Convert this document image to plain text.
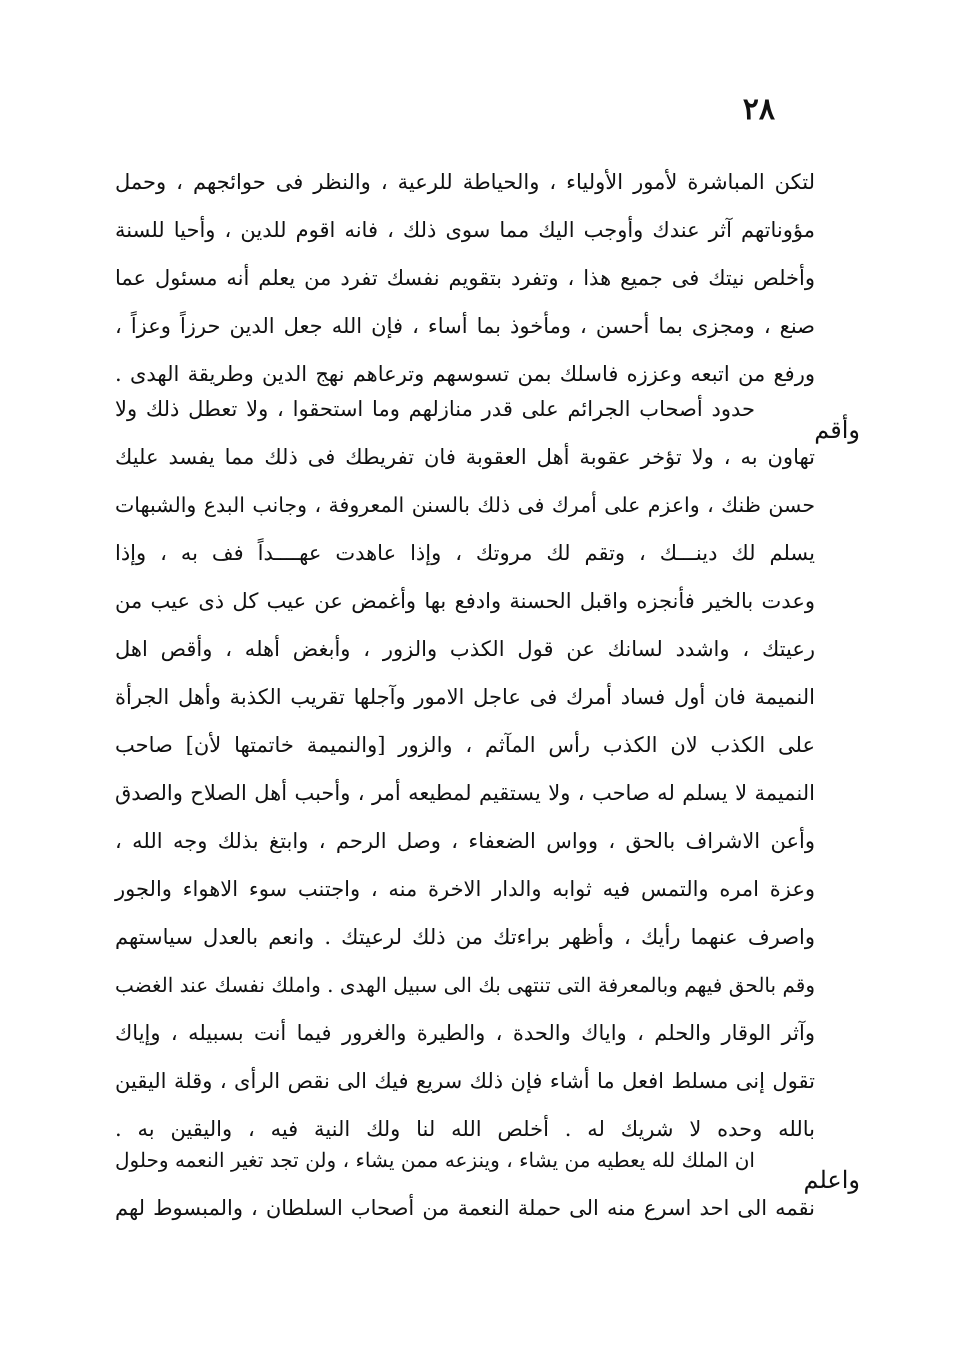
٢٨
لتكن المباشرة لأمور الأولياء ، والحياطة للرعية ، والنظر فى حوائجهم ، وحمل
مؤوناتهم آثر عندك وأوجب اليك مما سوى ذلك ، فانه اقوم للدين ، وأحيا للسنة
وأخلص نيتك فى جميع هذا ، وتفرد بتقويم نفسك تفرد من يعلم أنه مسئول عما
صنع ، ومجزى بما أحسن ، ومأخوذ بما أساء ، فإن الله جعل الدين حرزاً وعزاً ،
ورفع من اتبعه وعززه فاسلك بمن تسوسهم وترعاهم نهج الدين وطريقة الهدى .
وأقم
حدود أصحاب الجرائم على قدر منازلهم وما استحقوا ، ولا تعطل ذلك ولا
تهاون به ، ولا تؤخر عقوبة أهل العقوبة فان تفريطك فى ذلك مما يفسد عليك
حسن ظنك ، واعزم على أمرك فى ذلك بالسنن المعروفة ، وجانب البدع والشبهات
يسلم لك دينـــك ، وتقم لك مروتك ، وإذا عاهدت عهــــداً فف به ، وإذا
وعدت بالخير فأنجزه واقبل الحسنة وادفع بها وأغمض عن عيب كل ذى عيب من
رعيتك ، واشدد لسانك عن قول الكذب والزور ، وأبغض أهله ، وأقص اهل
النميمة فان أول فساد أمرك فى عاجل الامور وآجلها تقريب الكذبة وأهل الجرأة
على الكذب لان الكذب رأس المآثم ، والزور [والنميمة خاتمتها لأن] صاحب
النميمة لا يسلم له صاحب ، ولا يستقيم لمطيعه أمر ، وأحبب أهل الصلاح والصدق
وأعن الاشراف بالحق ، وواس الضعفاء ، وصل الرحم ، وابتغ بذلك وجه الله ،
وعزة امره والتمس فيه ثوابه والدار الاخرة منه ، واجتنب سوء الاهواء والجور
واصرف عنهما رأيك ، وأظهر براءتك من ذلك لرعيتك . وانعم بالعدل سياستهم
وقم بالحق فيهم وبالمعرفة التى تنتهى بك الى سبيل الهدى . واملك نفسك عند الغضب
وآثر الوقار والحلم ، واياك والحدة ، والطيرة والغرور فيما أنت بسبيله ، وإياك
تقول إنى مسلط افعل ما أشاء فإن ذلك سريع فيك الى نقص الرأى ، وقلة اليقين
بالله وحده لا شريك له . أخلص الله لنا ولك النية فيه ، واليقين به .
واعلم
ان الملك لله يعطيه من يشاء ، وينزعه ممن يشاء ، ولن تجد تغير النعمه وحلول
نقمه الى احد اسرع منه الى حملة النعمة من أصحاب السلطان ، والمبسوط لهم
